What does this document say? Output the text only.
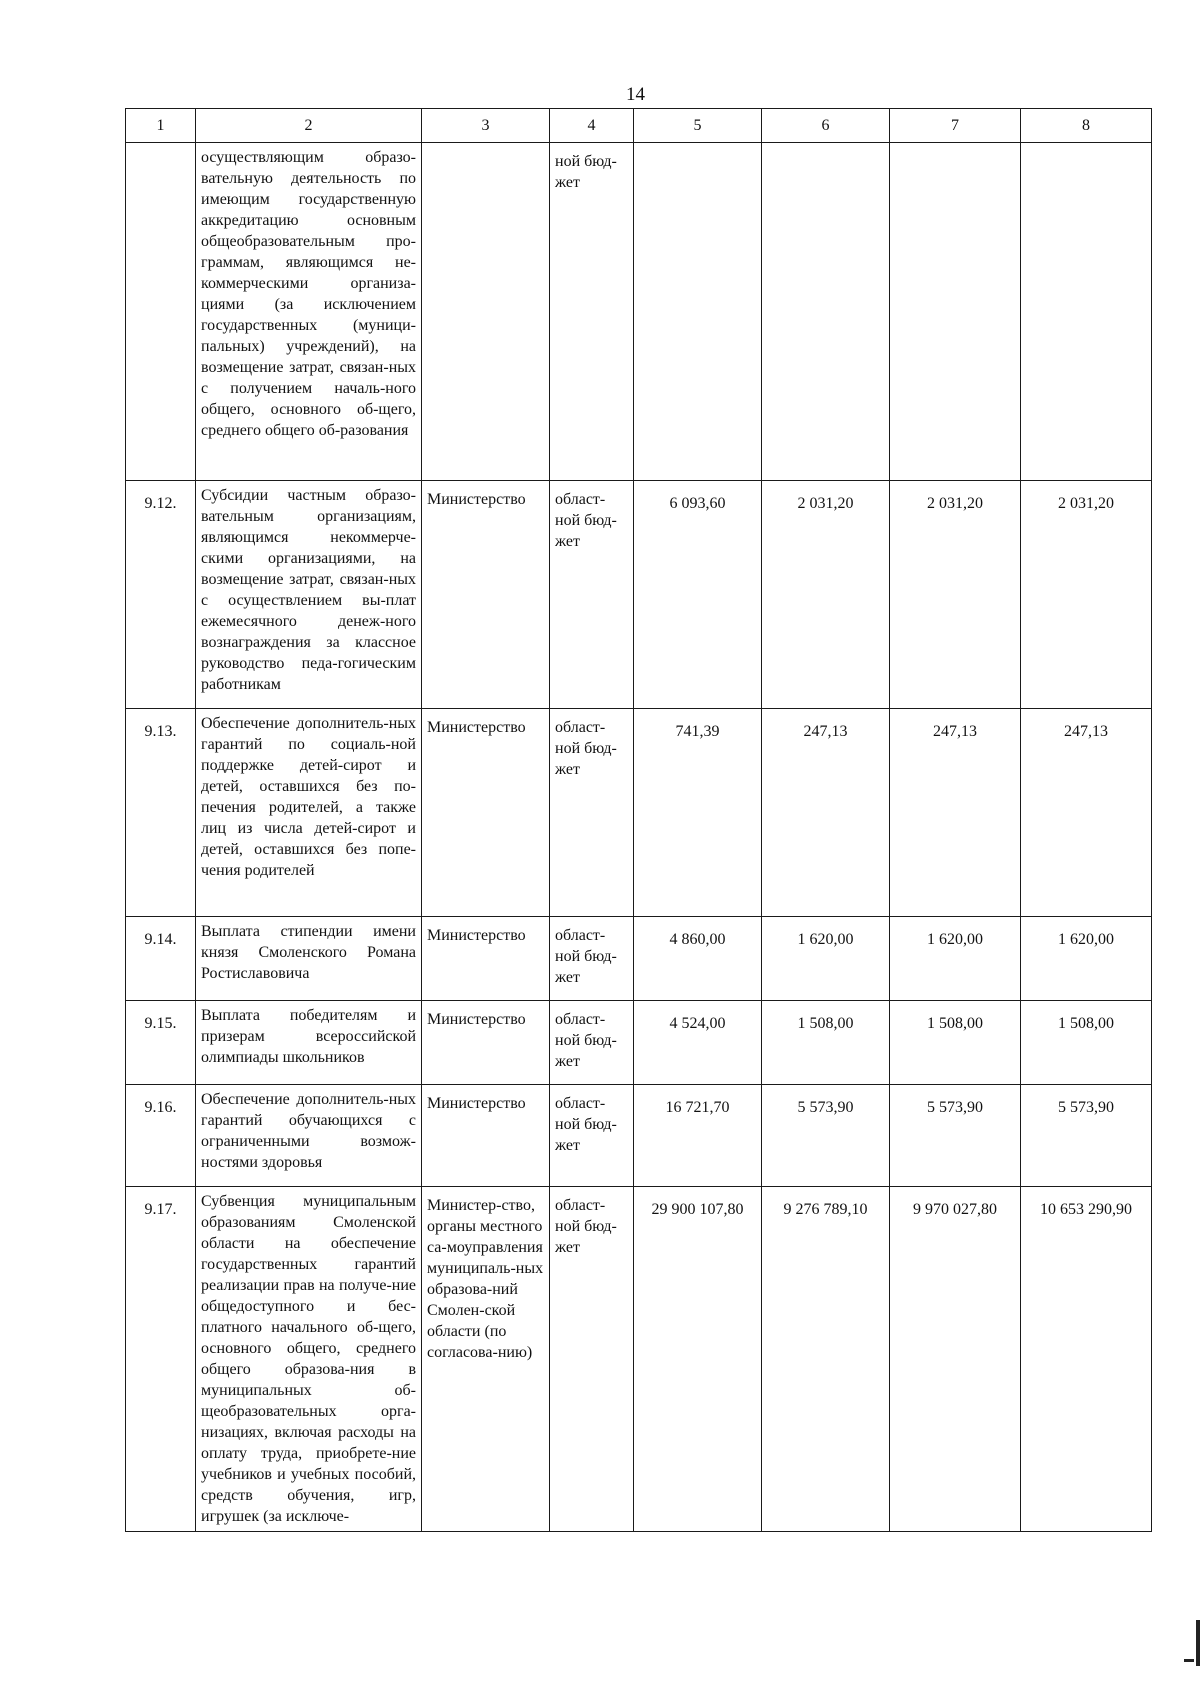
14
1	2	3	4	5	6	7	8
	осуществляющим образо-вательную деятельность по имеющим государственную аккредитацию основным общеобразовательным про-граммам, являющимся не-коммерческими организа-циями (за исключением государственных (муници-пальных) учреждений), на возмещение затрат, связан-ных с получением началь-ного общего, основного об-щего, среднего общего об-разования		ной бюд-жет				
9.12.	Субсидии частным образо-вательным организациям, являющимся некоммерче-скими организациями, на возмещение затрат, связан-ных с осуществлением вы-плат ежемесячного денеж-ного вознаграждения за классное руководство педа-гогическим работникам	Министерство	област-ной бюд-жет	6 093,60	2 031,20	2 031,20	2 031,20
9.13.	Обеспечение дополнитель-ных гарантий по социаль-ной поддержке детей-сирот и детей, оставшихся без по-печения родителей, а также лиц из числа детей-сирот и детей, оставшихся без попе-чения родителей	Министерство	област-ной бюд-жет	741,39	247,13	247,13	247,13
9.14.	Выплата стипендии имени князя Смоленского Романа Ростиславовича	Министерство	област-ной бюд-жет	4 860,00	1 620,00	1 620,00	1 620,00
9.15.	Выплата победителям и призерам всероссийской олимпиады школьников	Министерство	област-ной бюд-жет	4 524,00	1 508,00	1 508,00	1 508,00
9.16.	Обеспечение дополнитель-ных гарантий обучающихся с ограниченными возмож-ностями здоровья	Министерство	област-ной бюд-жет	16 721,70	5 573,90	5 573,90	5 573,90
9.17.	Субвенция муниципальным образованиям Смоленской области на обеспечение государственных гарантий реализации прав на получе-ние общедоступного и бес-платного начального об-щего, основного общего, среднего общего образова-ния в муниципальных об-щеобразовательных орга-низациях, включая расходы на оплату труда, приобрете-ние учебников и учебных пособий, средств обучения, игр, игрушек (за исключе-	Министер-ство, органы местного са-моуправления муниципаль-ных образова-ний Смолен-ской области (по согласова-нию)	област-ной бюд-жет	29 900 107,80	9 276 789,10	9 970 027,80	10 653 290,90
